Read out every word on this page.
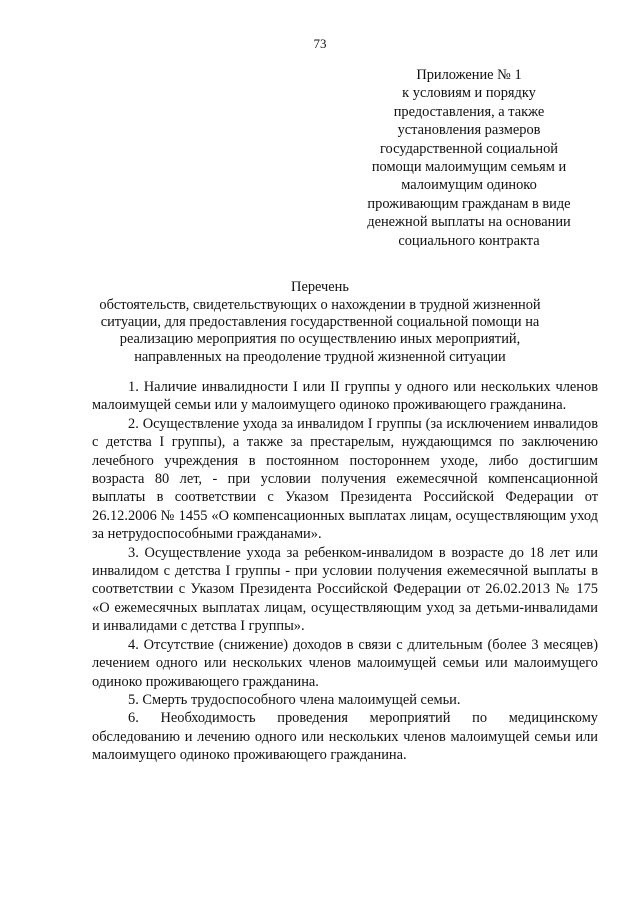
73
Приложение № 1
к условиям и порядку
предоставления, а также
установления размеров
государственной социальной
помощи малоимущим семьям и
малоимущим одиноко
проживающим гражданам в виде
денежной выплаты на основании
социального контракта
Перечень
обстоятельств, свидетельствующих о нахождении в трудной жизненной
ситуации, для предоставления государственной социальной помощи на
реализацию мероприятия по осуществлению иных мероприятий,
направленных на преодоление трудной жизненной ситуации

1. Наличие инвалидности I или II группы у одного или нескольких членов малоимущей семьи или у малоимущего одиноко проживающего гражданина.

2. Осуществление ухода за инвалидом I группы (за исключением инвалидов с детства I группы), а также за престарелым, нуждающимся по заключению лечебного учреждения в постоянном постороннем уходе, либо достигшим возраста 80 лет, - при условии получения ежемесячной компенсационной выплаты в соответствии с Указом Президента Российской Федерации от 26.12.2006 № 1455 «О компенсационных выплатах лицам, осуществляющим уход за нетрудоспособными гражданами».

3. Осуществление ухода за ребенком-инвалидом в возрасте до 18 лет или инвалидом с детства I группы - при условии получения ежемесячной выплаты в соответствии с Указом Президента Российской Федерации от 26.02.2013 № 175 «О ежемесячных выплатах лицам, осуществляющим уход за детьми-инвалидами и инвалидами с детства I группы».

4. Отсутствие (снижение) доходов в связи с длительным (более 3 месяцев) лечением одного или нескольких членов малоимущей семьи или малоимущего одиноко проживающего гражданина.

5. Смерть трудоспособного члена малоимущей семьи.

6. Необходимость проведения мероприятий по медицинскому обследованию и лечению одного или нескольких членов малоимущей семьи или малоимущего одиноко проживающего гражданина.
